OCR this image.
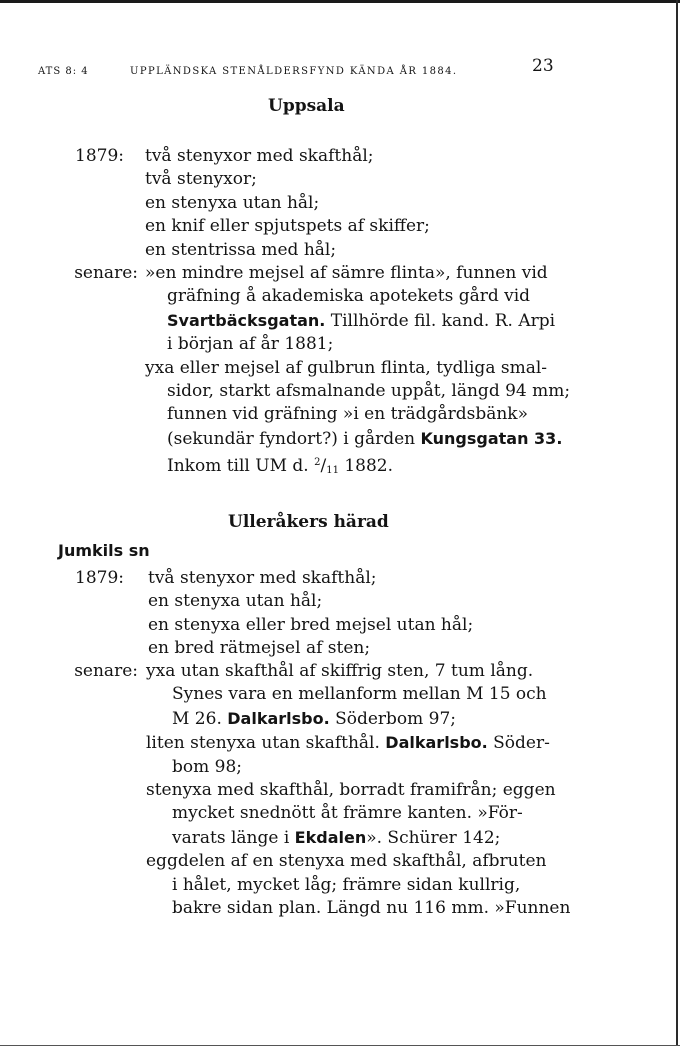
ATS 8: 4	UPPLÄNDSKA STENÅLDERSFYND KÄNDA ÅR 1884.	23
Uppsala
1879: två stenyxor med skafthål;
två stenyxor;
en stenyxa utan hål;
en knif eller spjutspets af skiffer;
en stentrissa med hål;
senare: »en mindre mejsel af sämre flinta», funnen vid
gräfning å akademiska apotekets gård vid
Svartbäcksgatan. Tillhörde fil. kand. R. Arpi
i början af år 1881;
yxa eller mejsel af gulbrun flinta, tydliga smal-
sidor, starkt afsmalnande uppåt, längd 94 mm;
funnen vid gräfning »i en trädgårdsbänk»
(sekundär fyndort?) i gården Kungsgatan 33.
Inkom till UM d. $^2/_{11}$ 1882.
Ulleråkers härad
Jumkils sn
1879: två stenyxor med skafthål;
en stenyxa utan hål;
en stenyxa eller bred mejsel utan hål;
en bred rätmejsel af sten;
senare: yxa utan skafthål af skiffrig sten, 7 tum lång.
Synes vara en mellanform mellan M 15 och
M 26. Dalkarlsbo. Söderbom 97;
liten stenyxa utan skafthål. Dalkarlsbo. Söder-
bom 98;
stenyxa med skafthål, borradt framifrån; eggen
mycket snednött åt främre kanten. »För-
varats länge i Ekdalen». Schürer 142;
eggdelen af en stenyxa med skafthål, afbruten
i hålet, mycket låg; främre sidan kullrig,
bakre sidan plan. Längd nu 116 mm. »Funnen
